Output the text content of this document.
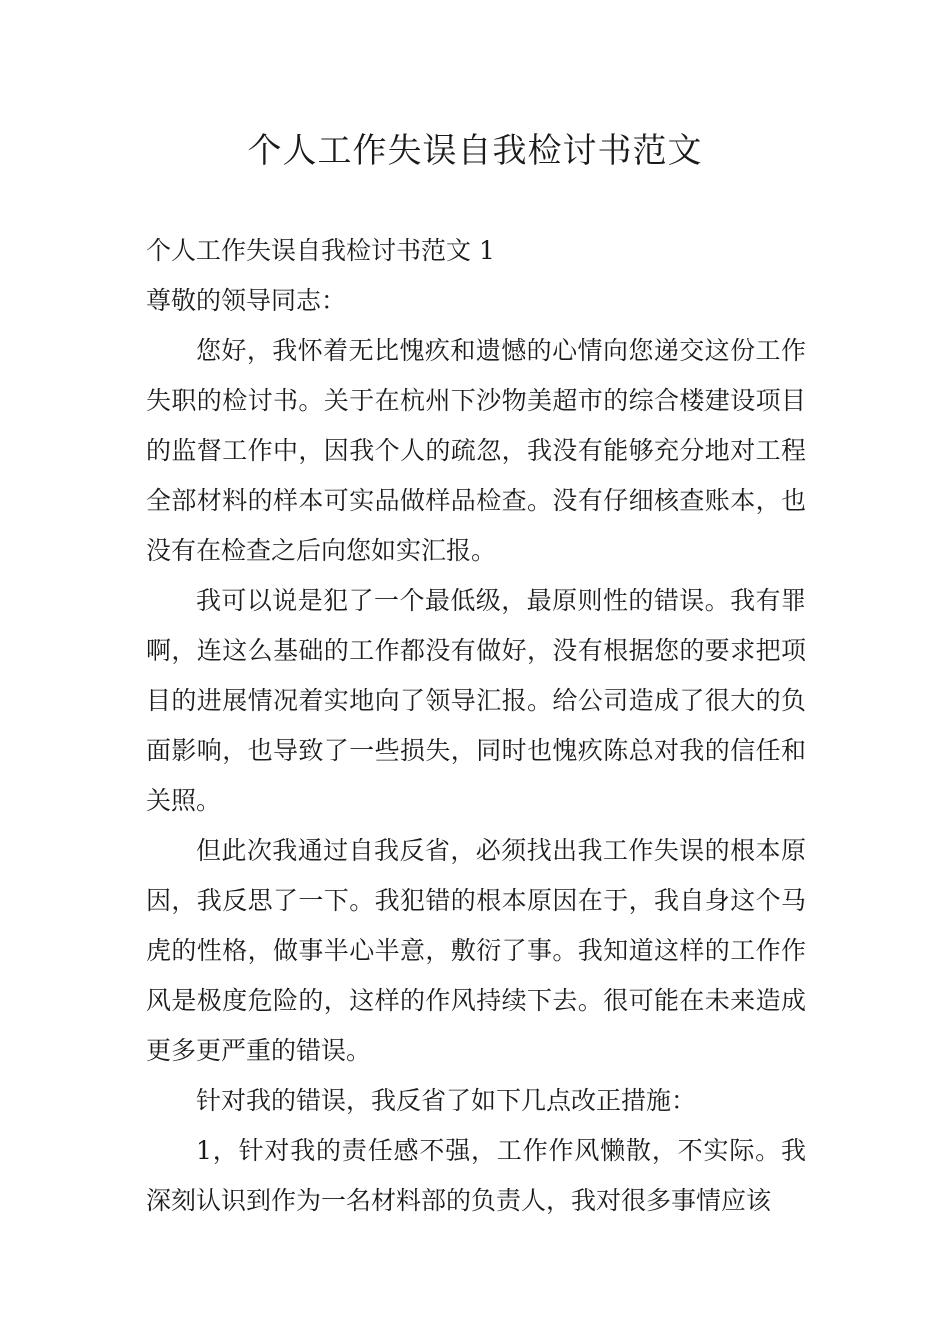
个人工作失误自我检讨书范文

个人工作失误自我检讨书范文 1

尊敬的领导同志：

您好，我怀着无比愧疚和遗憾的心情向您递交这份工作失职的检讨书。关于在杭州下沙物美超市的综合楼建设项目的监督工作中，因我个人的疏忽，我没有能够充分地对工程全部材料的样本可实品做样品检查。没有仔细核查账本，也没有在检查之后向您如实汇报。

我可以说是犯了一个最低级，最原则性的错误。我有罪啊，连这么基础的工作都没有做好，没有根据您的要求把项目的进展情况着实地向了领导汇报。给公司造成了很大的负面影响，也导致了一些损失，同时也愧疚陈总对我的信任和关照。

但此次我通过自我反省，必须找出我工作失误的根本原因，我反思了一下。我犯错的根本原因在于，我自身这个马虎的性格，做事半心半意，敷衍了事。我知道这样的工作作风是极度危险的，这样的作风持续下去。很可能在未来造成更多更严重的错误。

针对我的错误，我反省了如下几点改正措施：

1，针对我的责任感不强，工作作风懒散，不实际。我深刻认识到作为一名材料部的负责人，我对很多事情应该
